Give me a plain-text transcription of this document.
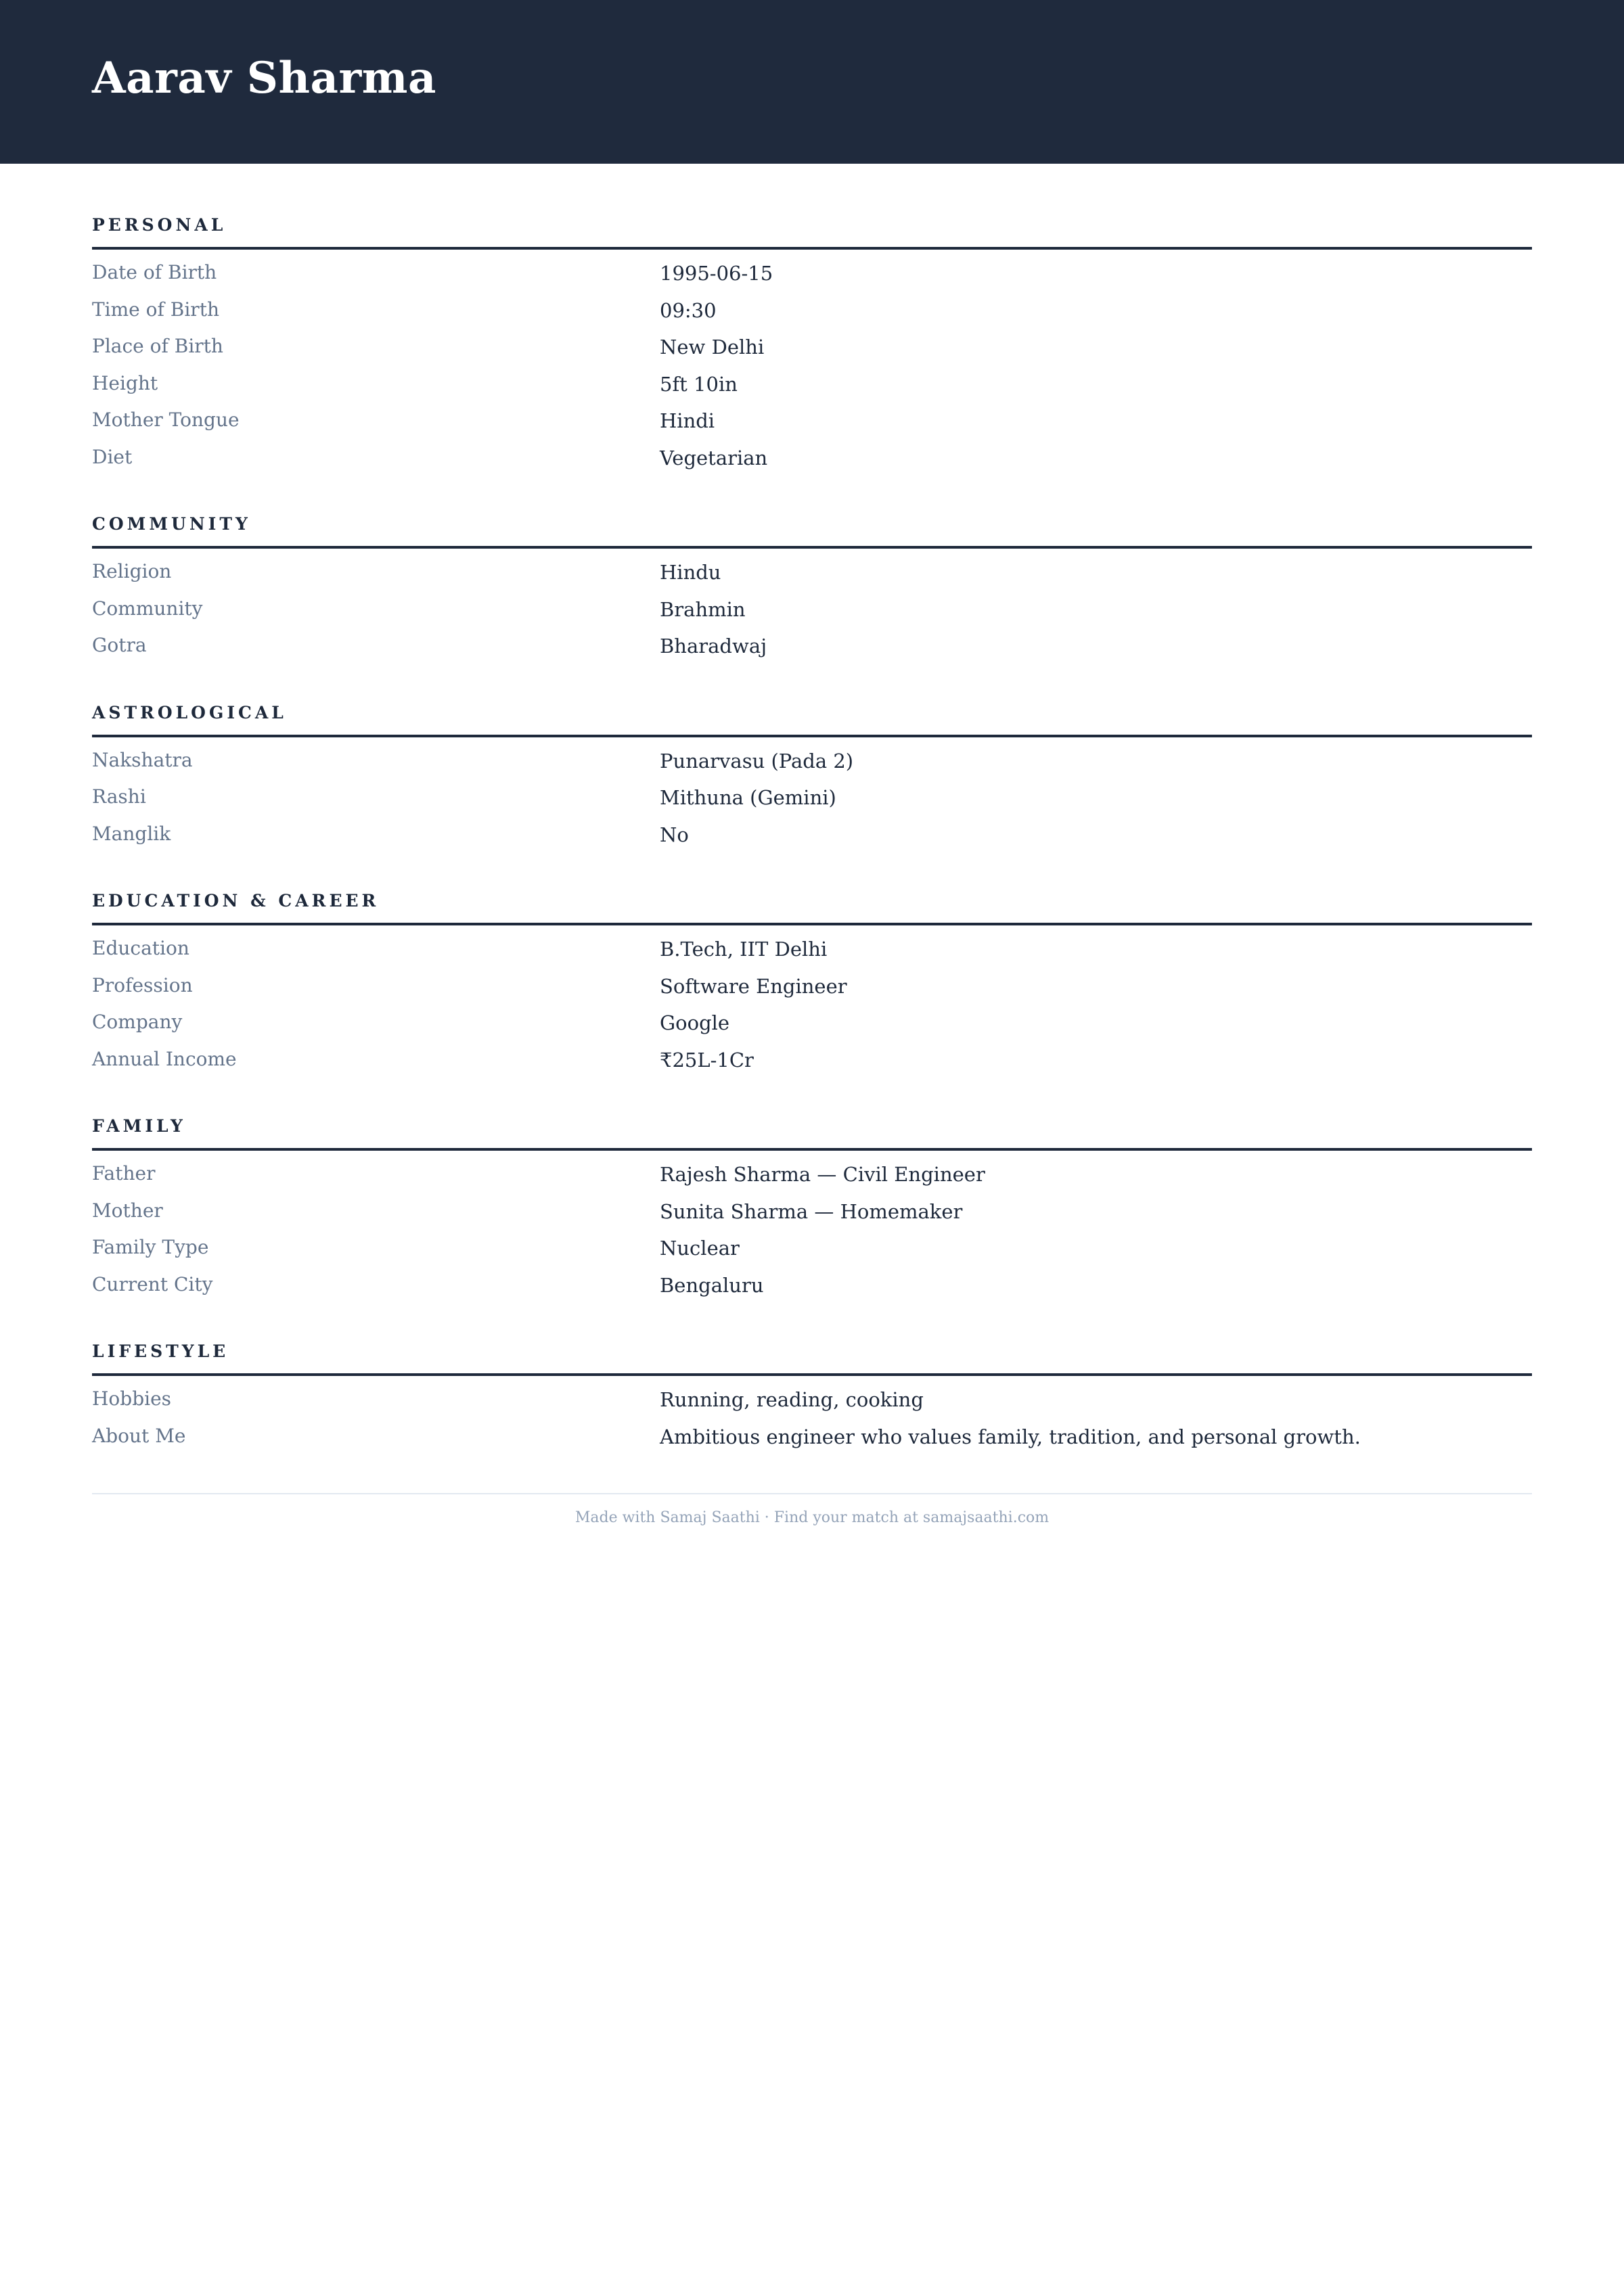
Aarav Sharma
PERSONAL
Date of Birth	1995-06-15
Time of Birth	09:30
Place of Birth	New Delhi
Height	5ft 10in
Mother Tongue	Hindi
Diet	Vegetarian
COMMUNITY
Religion	Hindu
Community	Brahmin
Gotra	Bharadwaj
ASTROLOGICAL
Nakshatra	Punarvasu (Pada 2)
Rashi	Mithuna (Gemini)
Manglik	No
EDUCATION & CAREER
Education	B.Tech, IIT Delhi
Profession	Software Engineer
Company	Google
Annual Income	₹25L-1Cr
FAMILY
Father	Rajesh Sharma — Civil Engineer
Mother	Sunita Sharma — Homemaker
Family Type	Nuclear
Current City	Bengaluru
LIFESTYLE
Hobbies	Running, reading, cooking
About Me	Ambitious engineer who values family, tradition, and personal growth.
Made with Samaj Saathi · Find your match at samajsaathi.com
